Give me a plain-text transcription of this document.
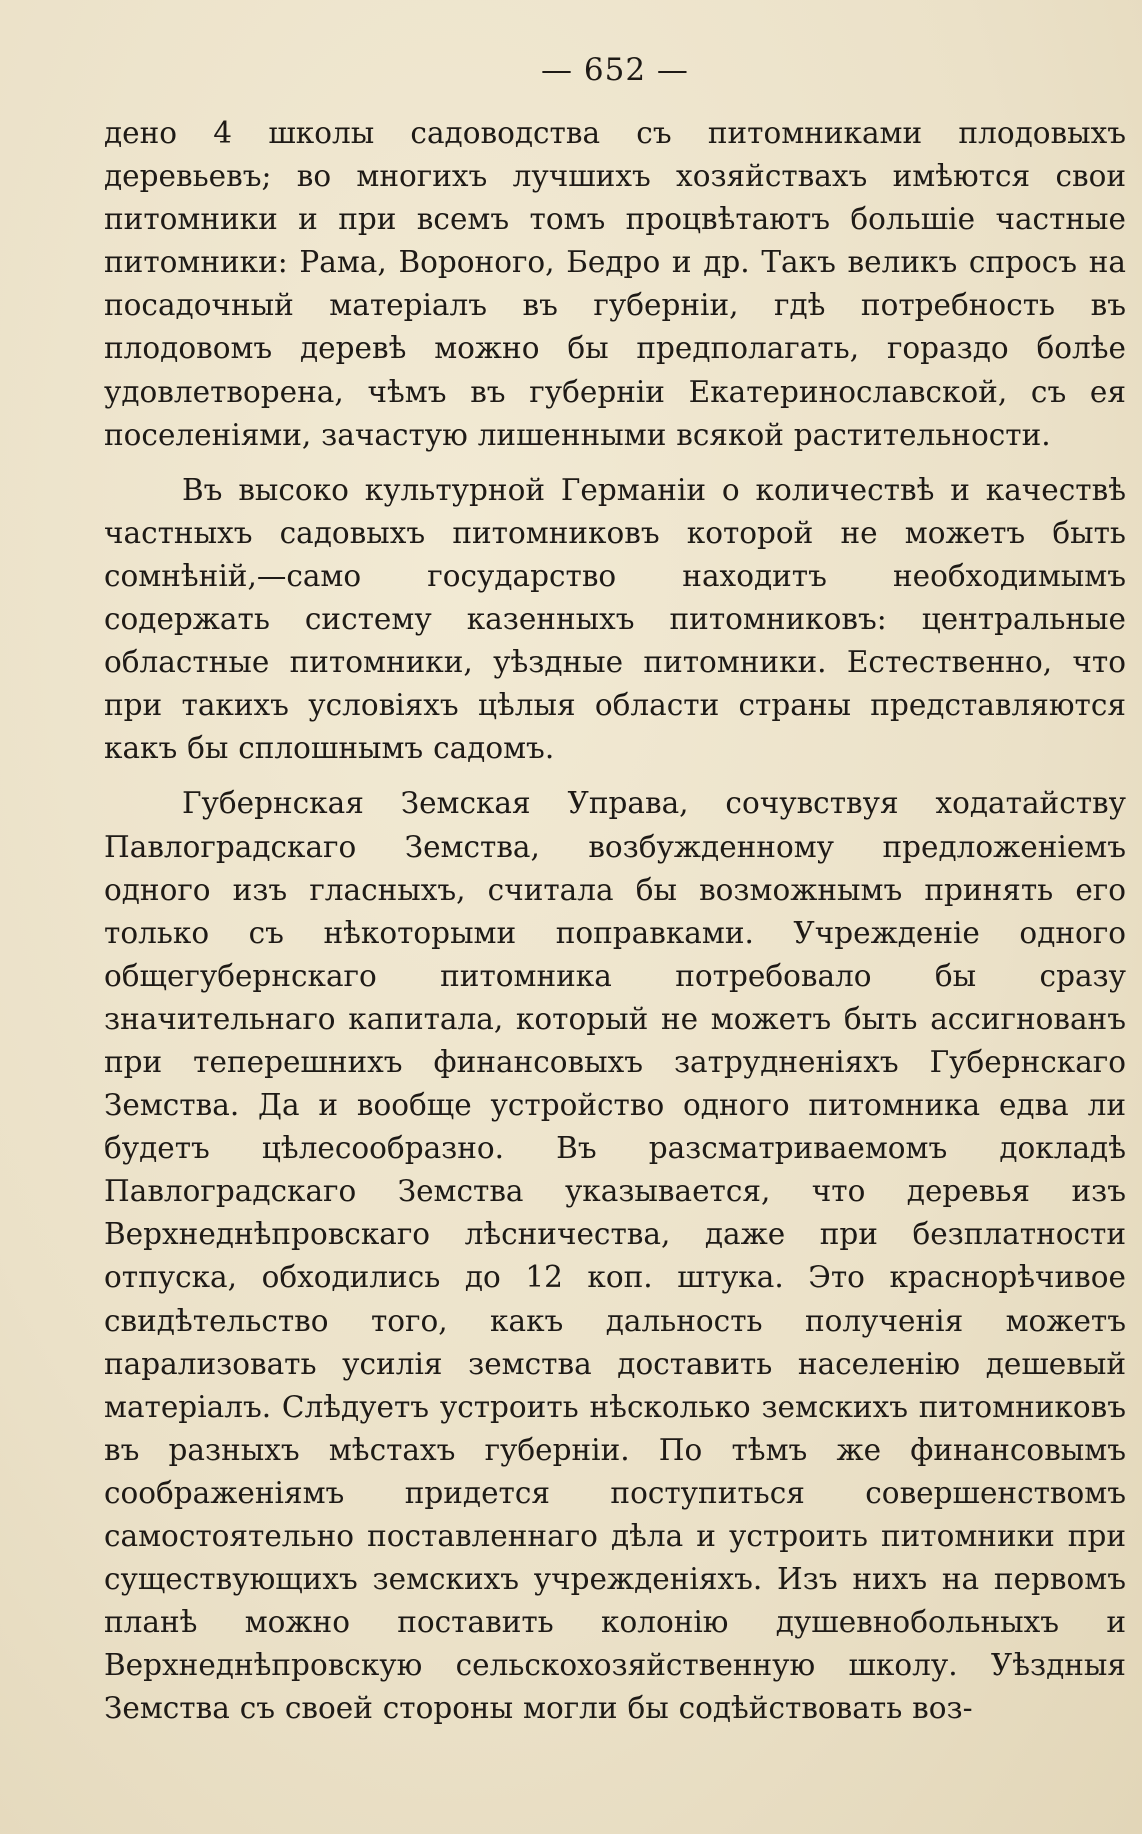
— 652 —

дено 4 школы садоводства съ питомниками плодовыхъ деревьевъ; во многихъ лучшихъ хозяйствахъ имѣются свои питомники и при всемъ томъ процвѣтаютъ большіе частные питомники: Рама, Вороного, Бедро и др. Такъ великъ спросъ на посадочный матеріалъ въ губерніи, гдѣ потребность въ плодовомъ деревѣ можно бы предполагать, гораздо болѣе удовлетворена, чѣмъ въ губерніи Екатеринославской, съ ея поселеніями, зачастую лишенными всякой растительности.

Въ высоко культурной Германіи о количествѣ и качествѣ частныхъ садовыхъ питомниковъ которой не можетъ быть сомнѣній,—само государство находитъ необходимымъ содержать систему казенныхъ питомниковъ: центральные областные питомники, уѣздные питомники. Естественно, что при такихъ условіяхъ цѣлыя области страны представляются какъ бы сплошнымъ садомъ.

Губернская Земская Управа, сочувствуя ходатайству Павлоградскаго Земства, возбужденному предложеніемъ одного изъ гласныхъ, считала бы возможнымъ принять его только съ нѣкоторыми поправками. Учрежденіе одного общегубернскаго питомника потребовало бы сразу значительнаго капитала, который не можетъ быть ассигнованъ при теперешнихъ финансовыхъ затрудненіяхъ Губернскаго Земства. Да и вообще устройство одного питомника едва ли будетъ цѣлесообразно. Въ разсматриваемомъ докладѣ Павлоградскаго Земства указывается, что деревья изъ Верхнеднѣпровскаго лѣсничества, даже при безплатности отпуска, обходились до 12 коп. штука. Это краснорѣчивое свидѣтельство того, какъ дальность полученія можетъ парализовать усилія земства доставить населенію дешевый матеріалъ. Слѣдуетъ устроить нѣсколько земскихъ питомниковъ въ разныхъ мѣстахъ губерніи. По тѣмъ же финансовымъ соображеніямъ придется поступиться совершенствомъ самостоятельно поставленнаго дѣла и устроить питомники при существующихъ земскихъ учрежденіяхъ. Изъ нихъ на первомъ планѣ можно поставить колонію душевнобольныхъ и Верхнеднѣпровскую сельскохозяйственную школу. Уѣздныя Земства съ своей стороны могли бы содѣйствовать воз-
